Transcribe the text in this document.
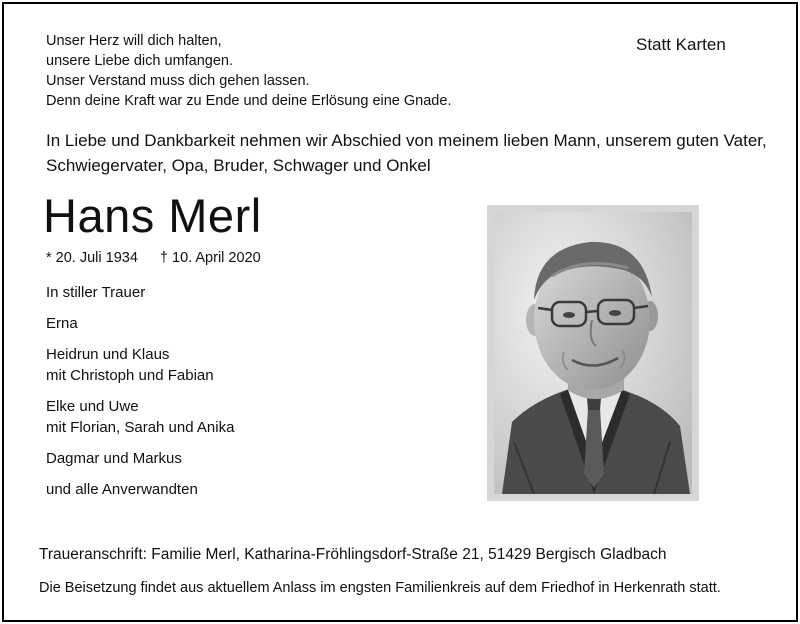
Unser Herz will dich halten,
unsere Liebe dich umfangen.
Unser Verstand muss dich gehen lassen.
Denn deine Kraft war zu Ende und deine Erlösung eine Gnade.
Statt Karten
In Liebe und Dankbarkeit nehmen wir Abschied von meinem lieben Mann, unserem guten Vater,
Schwiegervater, Opa, Bruder, Schwager und Onkel
Hans Merl
* 20. Juli 1934 † 10. April 2020
In stiller Trauer
Erna
Heidrun und Klaus
mit Christoph und Fabian
Elke und Uwe
mit Florian, Sarah und Anika
Dagmar und Markus
und alle Anverwandten
Traueranschrift: Familie Merl, Katharina-Fröhlingsdorf-Straße 21, 51429 Bergisch Gladbach
Die Beisetzung findet aus aktuellem Anlass im engsten Familienkreis auf dem Friedhof in Herkenrath statt.
